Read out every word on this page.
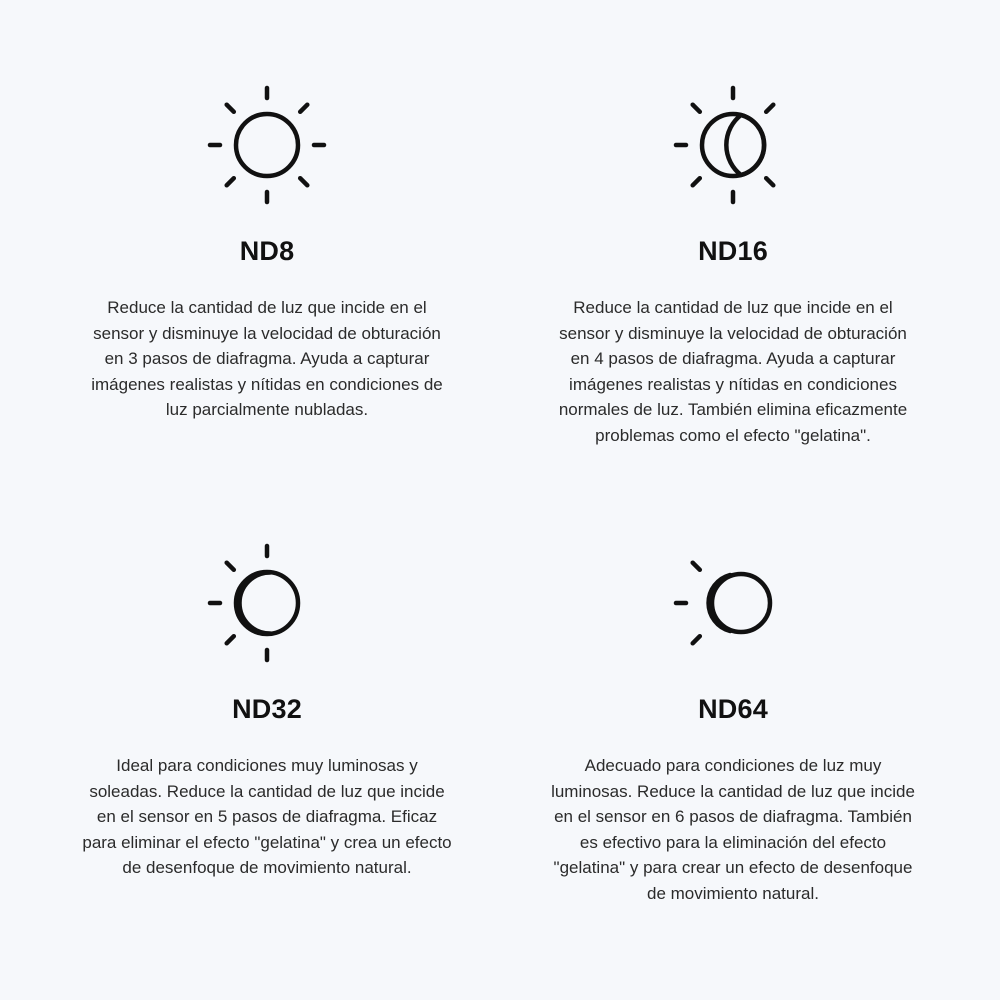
ND8
Reduce la cantidad de luz que incide en el sensor y disminuye la velocidad de obturación en 3 pasos de diafragma. Ayuda a capturar imágenes realistas y nítidas en condiciones de luz parcialmente nubladas.
ND16
Reduce la cantidad de luz que incide en el sensor y disminuye la velocidad de obturación en 4 pasos de diafragma. Ayuda a capturar imágenes realistas y nítidas en condiciones normales de luz. También elimina eficazmente problemas como el efecto "gelatina".
ND32
Ideal para condiciones muy luminosas y soleadas. Reduce la cantidad de luz que incide en el sensor en 5 pasos de diafragma. Eficaz para eliminar el efecto "gelatina" y crea un efecto de desenfoque de movimiento natural.
ND64
Adecuado para condiciones de luz muy luminosas. Reduce la cantidad de luz que incide en el sensor en 6 pasos de diafragma. También es efectivo para la eliminación del efecto "gelatina" y para crear un efecto de desenfoque de movimiento natural.
